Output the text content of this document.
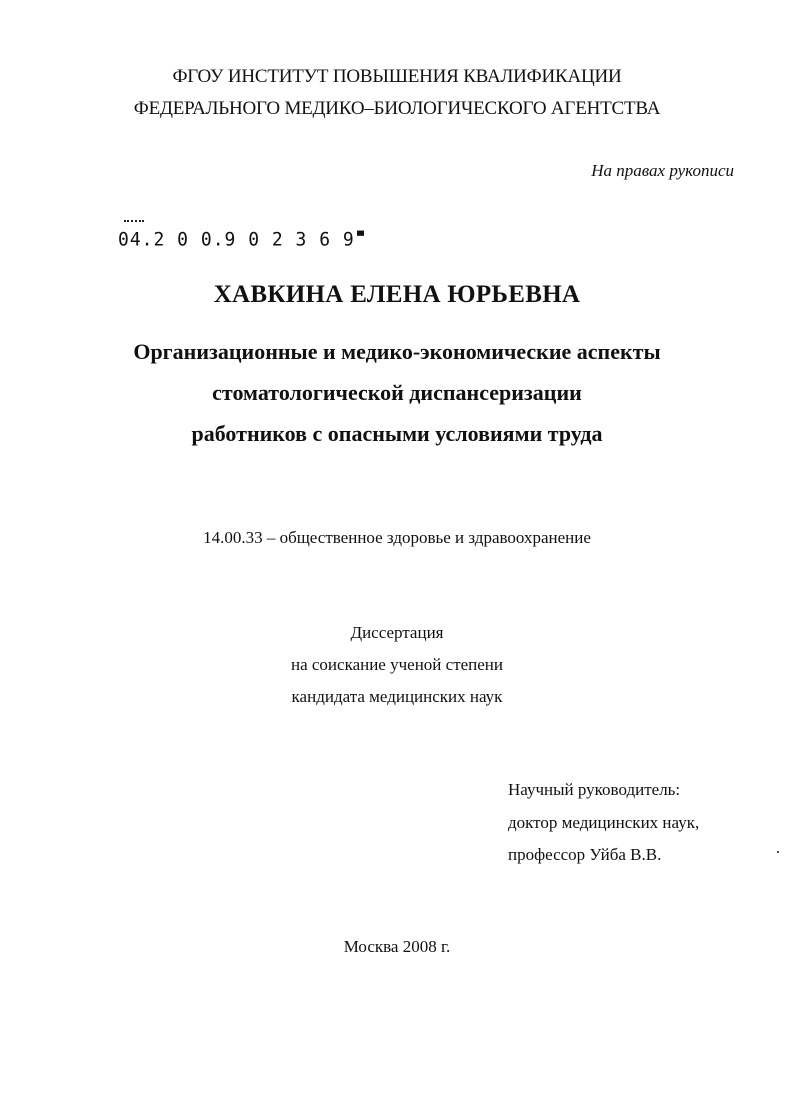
ФГОУ ИНСТИТУТ ПОВЫШЕНИЯ КВАЛИФИКАЦИИ
ФЕДЕРАЛЬНОГО МЕДИКО–БИОЛОГИЧЕСКОГО АГЕНТСТВА
На правах рукописи
04.2 0 0.9 0 2 3 6 9
ХАВКИНА ЕЛЕНА ЮРЬЕВНА
Организационные и медико-экономические аспекты
стоматологической диспансеризации
работников с опасными условиями труда
14.00.33 – общественное здоровье и здравоохранение
Диссертация
на соискание ученой степени
кандидата медицинских наук
Научный руководитель:
доктор медицинских наук,
профессор Уйба В.В.
Москва 2008 г.
